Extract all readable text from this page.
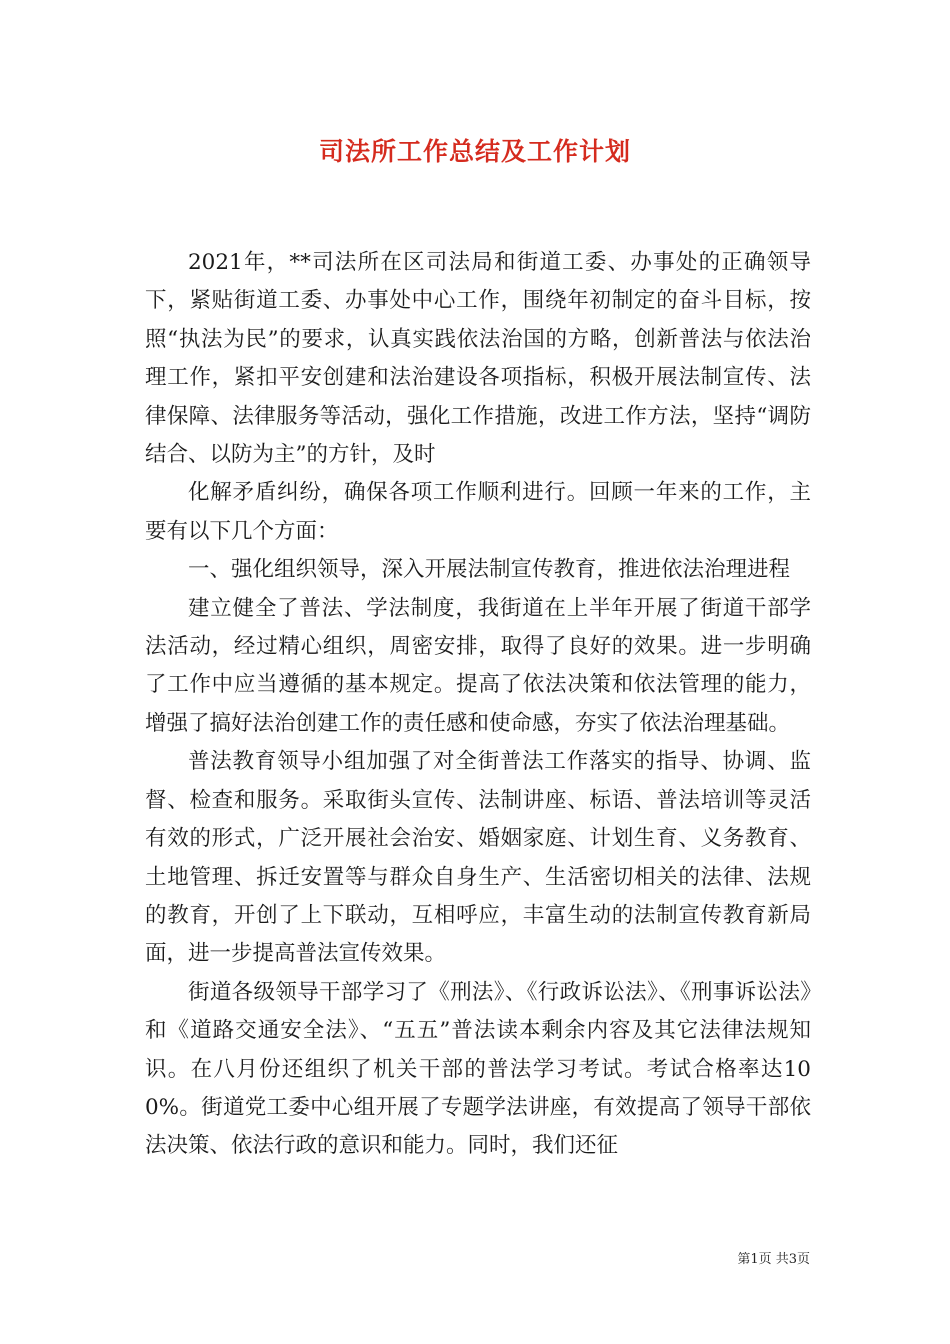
司法所工作总结及工作计划

2021年，**司法所在区司法局和街道工委、办事处的正确领导下，紧贴街道工委、办事处中心工作，围绕年初制定的奋斗目标，按照“执法为民”的要求，认真实践依法治国的方略，创新普法与依法治理工作，紧扣平安创建和法治建设各项指标，积极开展法制宣传、法律保障、法律服务等活动，强化工作措施，改进工作方法，坚持“调防结合、以防为主”的方针，及时

化解矛盾纠纷，确保各项工作顺利进行。回顾一年来的工作，主要有以下几个方面：

一、强化组织领导，深入开展法制宣传教育，推进依法治理进程

建立健全了普法、学法制度，我街道在上半年开展了街道干部学法活动，经过精心组织，周密安排，取得了良好的效果。进一步明确了工作中应当遵循的基本规定。提高了依法决策和依法管理的能力，增强了搞好法治创建工作的责任感和使命感，夯实了依法治理基础。

普法教育领导小组加强了对全街普法工作落实的指导、协调、监督、检查和服务。采取街头宣传、法制讲座、标语、普法培训等灵活有效的形式，广泛开展社会治安、婚姻家庭、计划生育、义务教育、土地管理、拆迁安置等与群众自身生产、生活密切相关的法律、法规的教育，开创了上下联动，互相呼应，丰富生动的法制宣传教育新局面，进一步提高普法宣传效果。

街道各级领导干部学习了《刑法》、《行政诉讼法》、《刑事诉讼法》和《道路交通安全法》、“五五”普法读本剩余内容及其它法律法规知识。在八月份还组织了机关干部的普法学习考试。考试合格率达100%。街道党工委中心组开展了专题学法讲座，有效提高了领导干部依法决策、依法行政的意识和能力。同时，我们还征

第1页 共3页
